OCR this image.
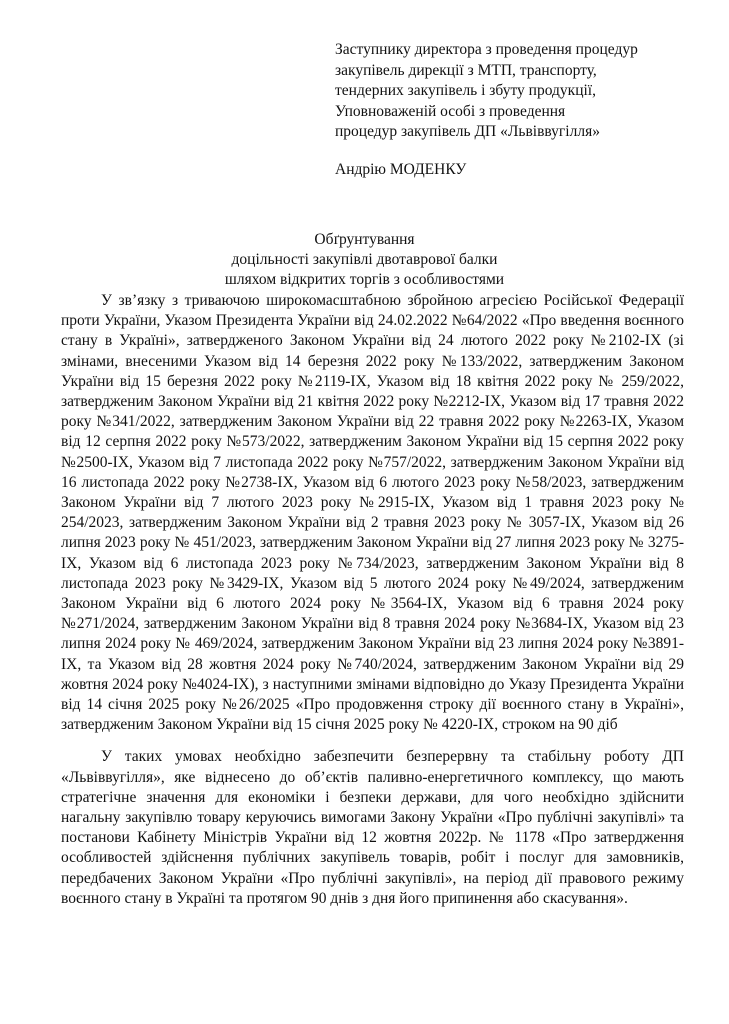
Заступнику директора з проведення процедур
закупівель дирекції з МТП, транспорту,
тендерних закупівель і збуту продукції,
Уповноваженій особі з проведення
процедур закупівель ДП «Львіввугілля»
Андрію МОДЕНКУ
Обґрунтування
доцільності закупівлі двотаврової балки
шляхом відкритих торгів з особливостями

У зв’язку з триваючою широкомасштабною збройною агресією Російської Федерації проти України, Указом Президента України від 24.02.2022 №64/2022 «Про введення воєнного стану в Україні», затвердженого Законом України від 24 лютого 2022 року №2102-IX (зі змінами, внесеними Указом від 14 березня 2022 року №133/2022, затвердженим Законом України від 15 березня 2022 року №2119-IX, Указом від 18 квітня 2022 року № 259/2022, затвердженим Законом України від 21 квітня 2022 року №2212-IX, Указом від 17 травня 2022 року №341/2022, затвердженим Законом України від 22 травня 2022 року №2263-IX, Указом від 12 серпня 2022 року №573/2022, затвердженим Законом України від 15 серпня 2022 року №2500-IX, Указом від 7 листопада 2022 року №757/2022, затвердженим Законом України від 16 листопада 2022 року №2738-IX, Указом від 6 лютого 2023 року №58/2023, затвердженим Законом України від 7 лютого 2023 року №2915-IX, Указом від 1 травня 2023 року № 254/2023, затвердженим Законом України від 2 травня 2023 року № 3057-IX, Указом від 26 липня 2023 року № 451/2023, затвердженим Законом України від 27 липня 2023 року № 3275-IX, Указом від 6 листопада 2023 року №734/2023, затвердженим Законом України від 8 листопада 2023 року №3429-IX, Указом від 5 лютого 2024 року №49/2024, затвердженим Законом України від 6 лютого 2024 року №3564-IX, Указом від 6 травня 2024 року №271/2024, затвердженим Законом України від 8 травня 2024 року №3684-IX, Указом від 23 липня 2024 року № 469/2024, затвердженим Законом України від 23 липня 2024 року №3891-IX, та Указом від 28 жовтня 2024 року №740/2024, затвердженим Законом України від 29 жовтня 2024 року №4024-IX), з наступними змінами відповідно до Указу Президента України від 14 січня 2025 року №26/2025 «Про продовження строку дії воєнного стану в Україні», затвердженим Законом України від 15 січня 2025 року № 4220-IX, строком на 90 діб

У таких умовах необхідно забезпечити безперервну та стабільну роботу ДП «Львіввугілля», яке віднесено до об’єктів паливно-енергетичного комплексу, що мають стратегічне значення для економіки і безпеки держави, для чого необхідно здійснити нагальну закупівлю товару керуючись вимогами Закону України «Про публічні закупівлі» та постанови Кабінету Міністрів України від 12 жовтня 2022р. № 1178 «Про затвердження особливостей здійснення публічних закупівель товарів, робіт і послуг для замовників, передбачених Законом України «Про публічні закупівлі», на період дії правового режиму воєнного стану в Україні та протягом 90 днів з дня його припинення або скасування».
